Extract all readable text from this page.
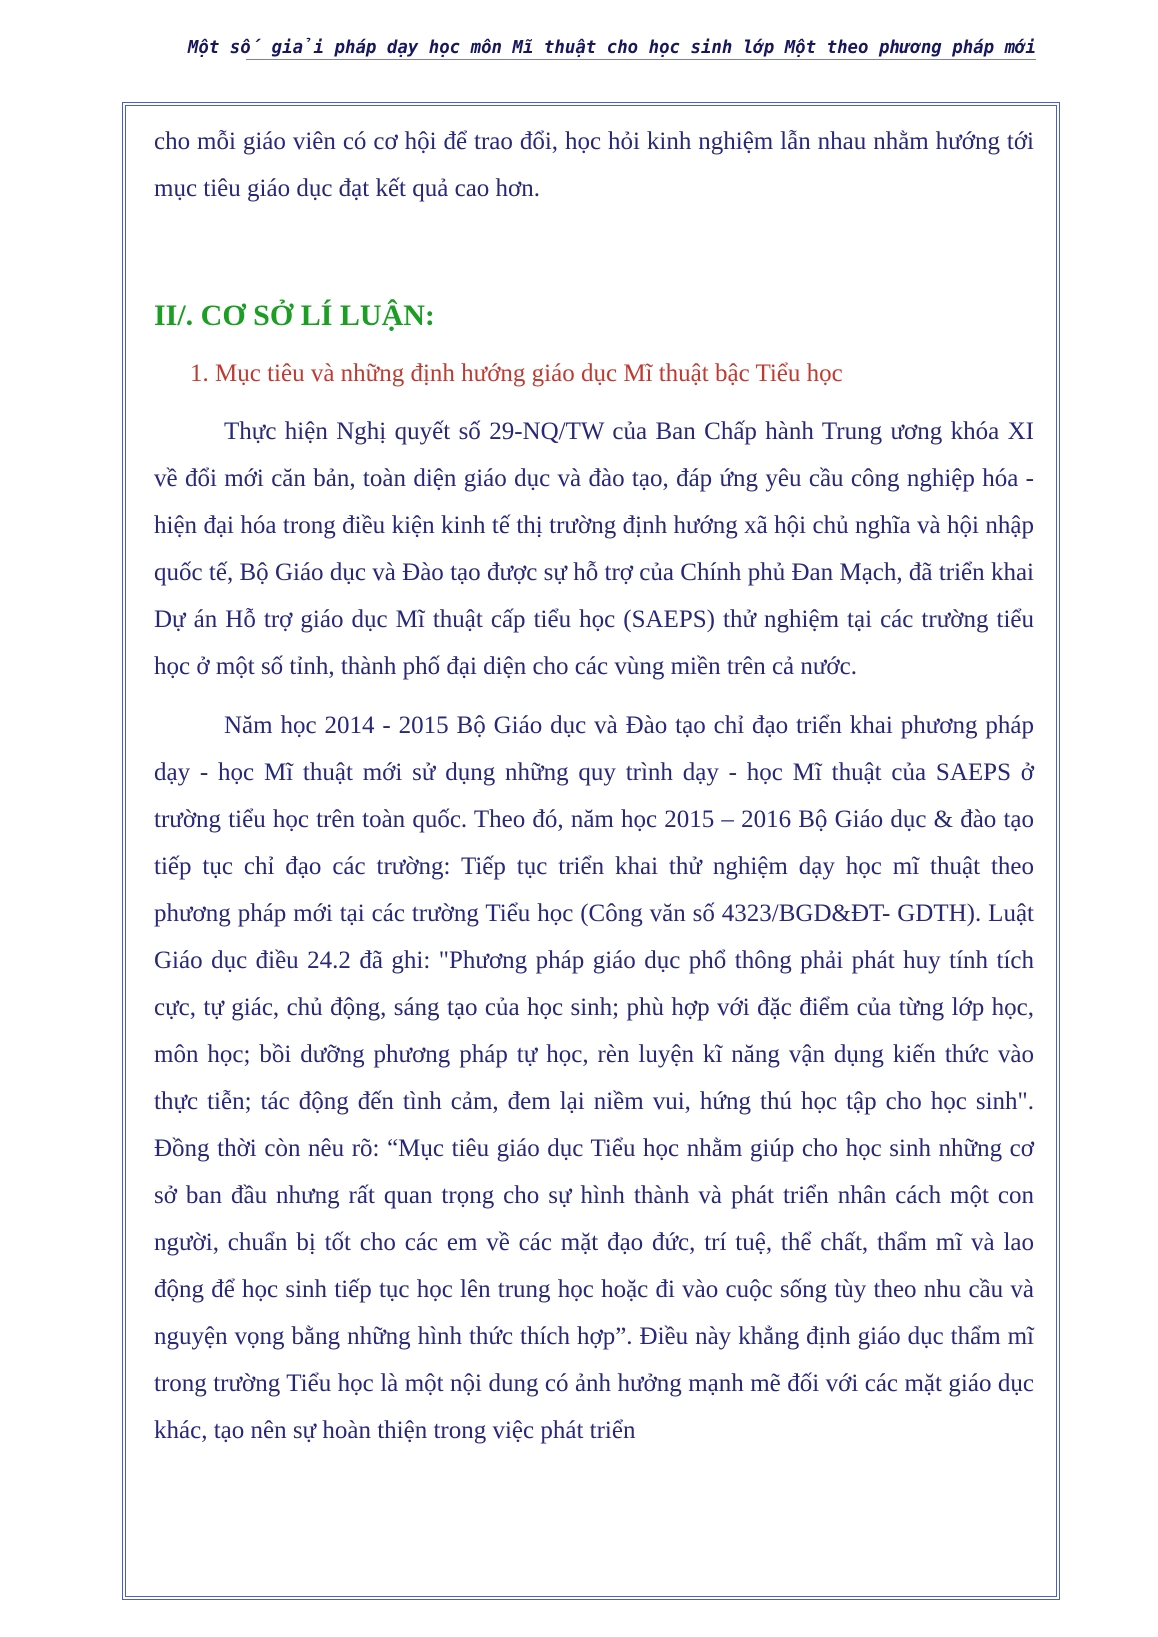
Một số giải pháp dạy học môn Mĩ thuật cho học sinh lớp Một theo phương pháp mới

cho mỗi giáo viên có cơ hội để trao đổi, học hỏi kinh nghiệm lẫn nhau nhằm hướng tới mục tiêu giáo dục đạt kết quả cao hơn.

II/. CƠ SỞ LÍ LUẬN:
1. Mục tiêu và những định hướng giáo dục Mĩ thuật bậc Tiểu học

Thực hiện Nghị quyết số 29-NQ/TW của Ban Chấp hành Trung ương khóa XI về đổi mới căn bản, toàn diện giáo dục và đào tạo, đáp ứng yêu cầu công nghiệp hóa - hiện đại hóa trong điều kiện kinh tế thị trường định hướng xã hội chủ nghĩa và hội nhập quốc tế, Bộ Giáo dục và Đào tạo được sự hỗ trợ của Chính phủ Đan Mạch, đã triển khai Dự án Hỗ trợ giáo dục Mĩ thuật cấp tiểu học (SAEPS) thử nghiệm tại các trường tiểu học ở một số tỉnh, thành phố đại diện cho các vùng miền trên cả nước.

Năm học 2014 - 2015 Bộ Giáo dục và Đào tạo chỉ đạo triển khai phương pháp dạy - học Mĩ thuật mới sử dụng những quy trình dạy - học Mĩ thuật của SAEPS ở trường tiểu học trên toàn quốc. Theo đó, năm học 2015 – 2016 Bộ Giáo dục & đào tạo tiếp tục chỉ đạo các trường: Tiếp tục triển khai thử nghiệm dạy học mĩ thuật theo phương pháp mới tại các trường Tiểu học (Công văn số 4323/BGD&ĐT- GDTH). Luật Giáo dục điều 24.2 đã ghi: "Phương pháp giáo dục phổ thông phải phát huy tính tích cực, tự giác, chủ động, sáng tạo của học sinh; phù hợp với đặc điểm của từng lớp học, môn học; bồi dưỡng phương pháp tự học, rèn luyện kĩ năng vận dụng kiến thức vào thực tiễn; tác động đến tình cảm, đem lại niềm vui, hứng thú học tập cho học sinh". Đồng thời còn nêu rõ: “Mục tiêu giáo dục Tiểu học nhằm giúp cho học sinh những cơ sở ban đầu nhưng rất quan trọng cho sự hình thành và phát triển nhân cách một con người, chuẩn bị tốt cho các em về các mặt đạo đức, trí tuệ, thể chất, thẩm mĩ và lao động để học sinh tiếp tục học lên trung học hoặc đi vào cuộc sống tùy theo nhu cầu và nguyện vọng bằng những hình thức thích hợp”. Điều này khẳng định giáo dục thẩm mĩ trong trường Tiểu học là một nội dung có ảnh hưởng mạnh mẽ đối với các mặt giáo dục khác, tạo nên sự hoàn thiện trong việc phát triển
